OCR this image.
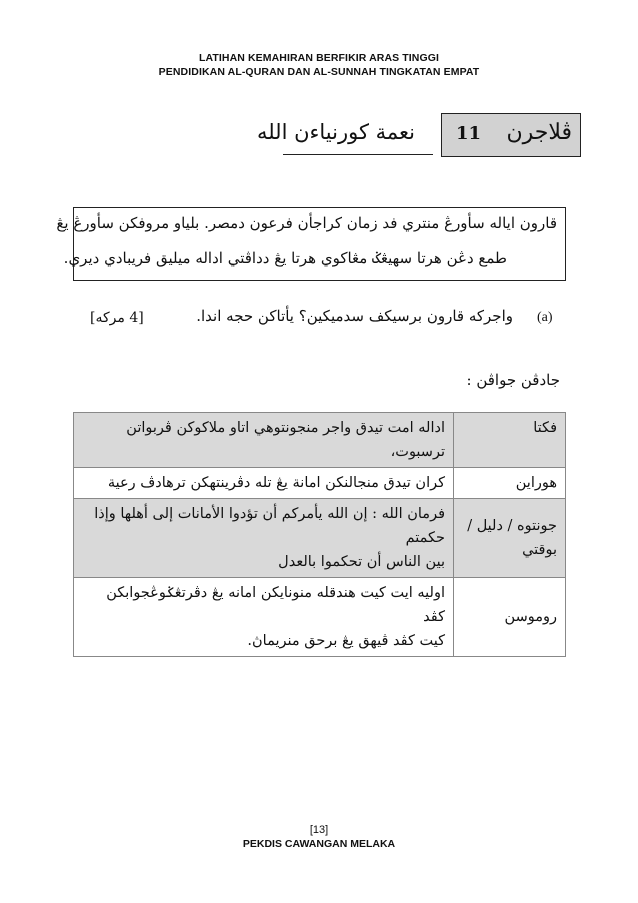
LATIHAN KEMAHIRAN BERFIKIR ARAS TINGGI
PENDIDIKAN AL-QURAN DAN AL-SUNNAH TINGKATAN EMPAT
نعمة كورنياءن الله	ڤلاجرن
11
قارون اياله سأورڠ منتري فد زمان كراجأن فرعون دمصر. بلياو مروفكن سأورڠ يڠ
طمع دڠن هرتا سهيڠݢ مڠاكوي هرتا يڠ دداڤتي اداله ميليق فريبادي ديري.
(a)
واجركه قارون برسيكف سدميكين؟ يأتاكن حجه اندا.
[4 مركه]
جادڤن جواڤن :
فكتا	اداله امت تيدق واجر منجونتوهي اتاو ملاكوكن ڤربواتن ترسبوت،

هوراين	كران تيدق منجالنكن امانة يڠ تله دڤرينتهكن ترهادڤ رعية

جونتوه / دليل / بوقتي	فرمان الله : إن الله يأمركم أن تؤدوا الأمانات إلى أهلها وإذا حكمتم
بين الناس أن تحكموا بالعدل

روموسن	اوليه ايت كيت هندقله منونايكن امانه يڠ دڤرتڠݢوڠجوابكن كڤد
كيت كڤد ڤيهق يڠ برحق منريماڽ.
[13]
PEKDIS CAWANGAN MELAKA
